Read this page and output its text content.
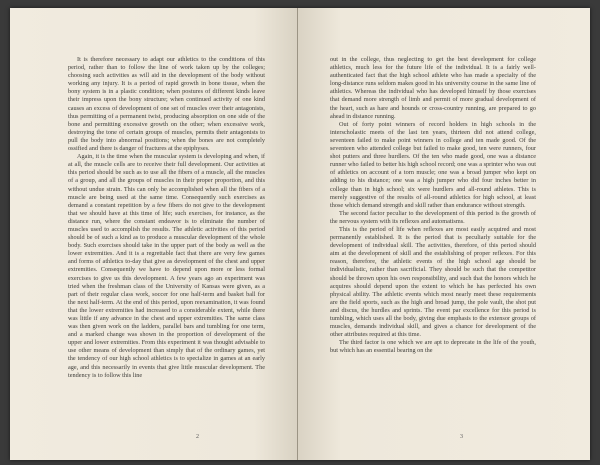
It is therefore necessary to adapt our athletics to the conditions of this period, rather than to follow the line of work taken up by the colleges; choosing such activities as will aid in the development of the body without working any injury. It is a period of rapid growth in bone tissue, when the bony system is in a plastic condition; when postures of different kinds leave their impress upon the bony structure; when continued activity of one kind causes an excess of development of one set of muscles over their antagonists, thus permitting of a permanent twist, producing absorption on one side of the bone and permitting excessive growth on the other; when excessive work, destroying the tone of certain groups of muscles, permits their antagonists to pull the body into abnormal positions; when the bones are not completely ossified and there is danger of fractures at the epiphyses.

Again, it is the time when the muscular system is developing and when, if at all, the muscle cells are to receive their full development. Our activities at this period should be such as to use all the fibers of a muscle, all the muscles of a group, and all the groups of muscles in their proper proportion, and this without undue strain. This can only be accomplished when all the fibers of a muscle are being used at the same time. Consequently such exercises as demand a constant repetition by a few fibers do not give to the development that we should have at this time of life; such exercises, for instance, as the distance run, where the constant endeavor is to eliminate the number of muscles used to accomplish the results. The athletic activities of this period should be of such a kind as to produce a muscular development of the whole body. Such exercises should take in the upper part of the body as well as the lower extremities. And it is a regrettable fact that there are very few games and forms of athletics to-day that give as development of the chest and upper extremities. Consequently we have to depend upon more or less formal exercises to give us this development. A few years ago an experiment was tried when the freshman class of the University of Kansas were given, as a part of their regular class work, soccer for one half-term and basket ball for the next half-term. At the end of this period, upon reexamination, it was found that the lower extremities had increased to a considerable extent, while there was little if any advance in the chest and upper extremities. The same class was then given work on the ladders, parallel bars and tumbling for one term, and a marked change was shown in the proportion of development of the upper and lower extremities. From this experiment it was thought advisable to use other means of development than simply that of the ordinary games, yet the tendency of our high school athletics is to specialize in games at an early age, and this necessarily in events that give little muscular development. The tendency is to follow this line

2

out in the college, thus neglecting to get the best development for college athletics, much less for the future life of the individual. It is a fairly well-authenticated fact that the high school athlete who has made a specialty of the long-distance runs seldom makes good in his university course in the same line of athletics. Whereas the individual who has developed himself by those exercises that demand more strength of limb and permit of more gradual development of the heart, such as hare and hounds or cross-country running, are prepared to go ahead in distance running.

Out of forty point winners of record holders in high schools in the interscholastic meets of the last ten years, thirteen did not attend college, seventeen failed to make point winners in college and ten made good. Of the seventeen who attended college but failed to make good, ten were runners, four shot putters and three hurdlers. Of the ten who made good, one was a distance runner who failed to better his high school record; one was a sprinter who was out of athletics on account of a torn muscle; one was a broad jumper who kept on adding to his distance; one was a high jumper who did four inches better in college than in high school; six were hurdlers and all-round athletes. This is merely suggestive of the results of all-round athletics for high school, at least those which demand strength and skill rather than endurance without strength.

The second factor peculiar to the development of this period is the growth of the nervous system with its reflexes and automatisms.

This is the period of life when reflexes are most easily acquired and most permanently established. It is the period that is peculiarly suitable for the development of individual skill. The activities, therefore, of this period should aim at the development of skill and the establishing of proper reflexes. For this reason, therefore, the athletic events of the high school age should be individualistic, rather than sacrificial. They should be such that the competitor should be thrown upon his own responsibility, and such that the honors which he acquires should depend upon the extent to which he has perfected his own physical ability. The athletic events which most nearly meet these requirements are the field sports, such as the high and broad jump, the pole vault, the shot put and discus, the hurdles and sprints. The event par excellence for this period is tumbling, which uses all the body, giving due emphasis to the extensor groups of muscles, demands individual skill, and gives a chance for development of the other attributes required at this time.

The third factor is one which we are apt to deprecate in the life of the youth, but which has an essential bearing on the

3
